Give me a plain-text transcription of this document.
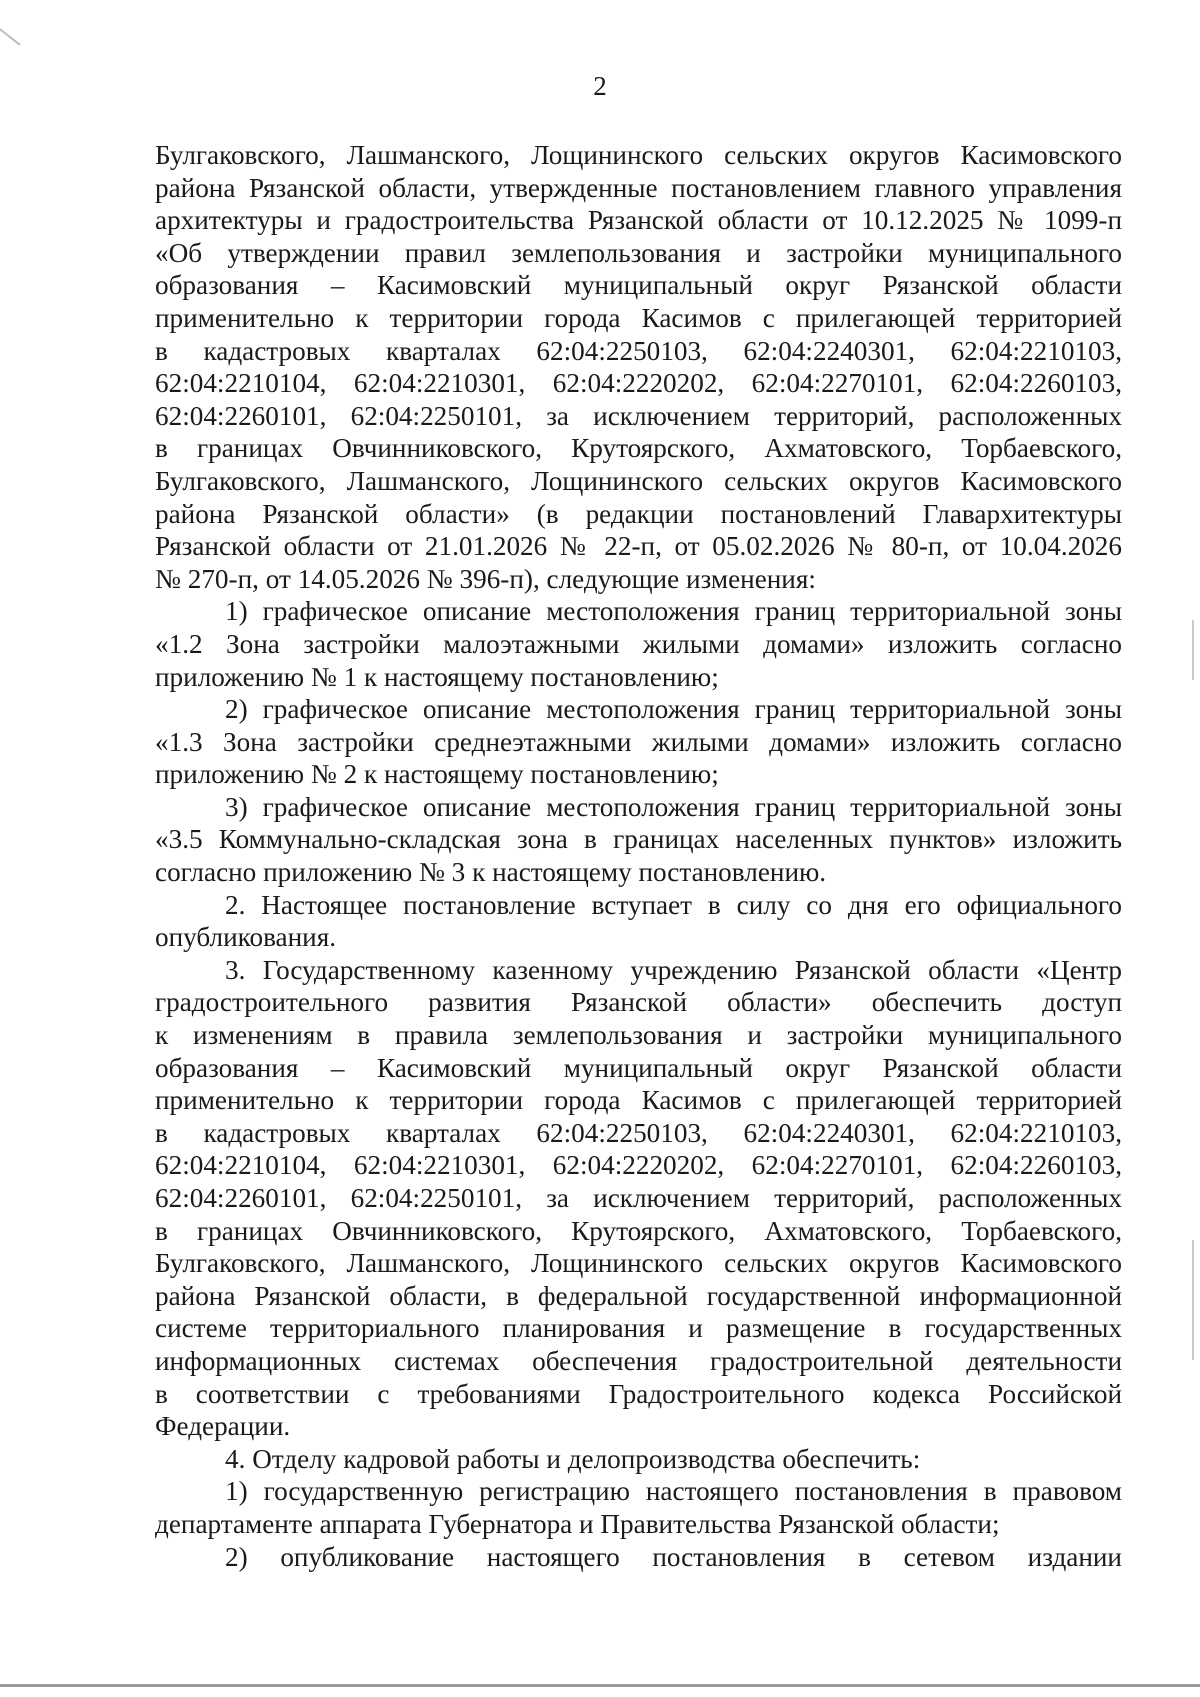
2
Булгаковского, Лашманского, Лощининского сельских округов Касимовского
района Рязанской области, утвержденные постановлением главного управления
архитектуры и градостроительства Рязанской области от 10.12.2025 № 1099-п
«Об утверждении правил землепользования и застройки муниципального
образования – Касимовский муниципальный округ Рязанской области
применительно к территории города Касимов с прилегающей территорией
в кадастровых кварталах 62:04:2250103, 62:04:2240301, 62:04:2210103,
62:04:2210104, 62:04:2210301, 62:04:2220202, 62:04:2270101, 62:04:2260103,
62:04:2260101, 62:04:2250101, за исключением территорий, расположенных
в границах Овчинниковского, Крутоярского, Ахматовского, Торбаевского,
Булгаковского, Лашманского, Лощининского сельских округов Касимовского
района Рязанской области» (в редакции постановлений Главархитектуры
Рязанской области от 21.01.2026 № 22-п, от 05.02.2026 № 80-п, от 10.04.2026
№ 270-п, от 14.05.2026 № 396-п), следующие изменения:
1) графическое описание местоположения границ территориальной зоны
«1.2 Зона застройки малоэтажными жилыми домами» изложить согласно
приложению № 1 к настоящему постановлению;
2) графическое описание местоположения границ территориальной зоны
«1.3 Зона застройки среднеэтажными жилыми домами» изложить согласно
приложению № 2 к настоящему постановлению;
3) графическое описание местоположения границ территориальной зоны
«3.5 Коммунально-складская зона в границах населенных пунктов» изложить
согласно приложению № 3 к настоящему постановлению.
2. Настоящее постановление вступает в силу со дня его официального
опубликования.
3. Государственному казенному учреждению Рязанской области «Центр
градостроительного развития Рязанской области» обеспечить доступ
к изменениям в правила землепользования и застройки муниципального
образования – Касимовский муниципальный округ Рязанской области
применительно к территории города Касимов с прилегающей территорией
в кадастровых кварталах 62:04:2250103, 62:04:2240301, 62:04:2210103,
62:04:2210104, 62:04:2210301, 62:04:2220202, 62:04:2270101, 62:04:2260103,
62:04:2260101, 62:04:2250101, за исключением территорий, расположенных
в границах Овчинниковского, Крутоярского, Ахматовского, Торбаевского,
Булгаковского, Лашманского, Лощининского сельских округов Касимовского
района Рязанской области, в федеральной государственной информационной
системе территориального планирования и размещение в государственных
информационных системах обеспечения градостроительной деятельности
в соответствии с требованиями Градостроительного кодекса Российской
Федерации.
4. Отделу кадровой работы и делопроизводства обеспечить:
1) государственную регистрацию настоящего постановления в правовом
департаменте аппарата Губернатора и Правительства Рязанской области;
2) опубликование настоящего постановления в сетевом издании
